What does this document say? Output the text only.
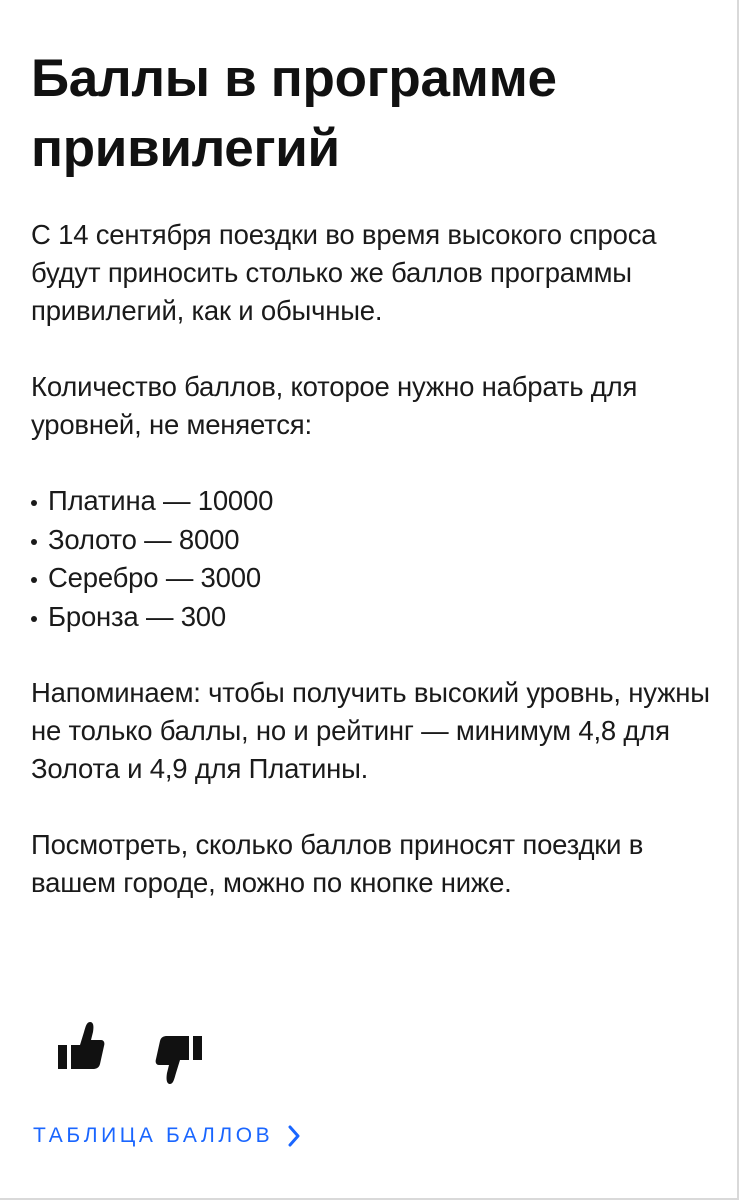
Баллы в программе привилегий

С 14 сентября поездки во время высокого спроса будут приносить столько же баллов программы привилегий, как и обычные.

Количество баллов, которое нужно набрать для уровней, не меняется:

Платина — 10000
Золото — 8000
Серебро — 3000
Бронза — 300

Напоминаем: чтобы получить высокий уровнь, нужны не только баллы, но и рейтинг — минимум 4,8 для Золота и 4,9 для Платины.

Посмотреть, сколько баллов приносят поездки в вашем городе, можно по кнопке ниже.

ТАБЛИЦА БАЛЛОВ
